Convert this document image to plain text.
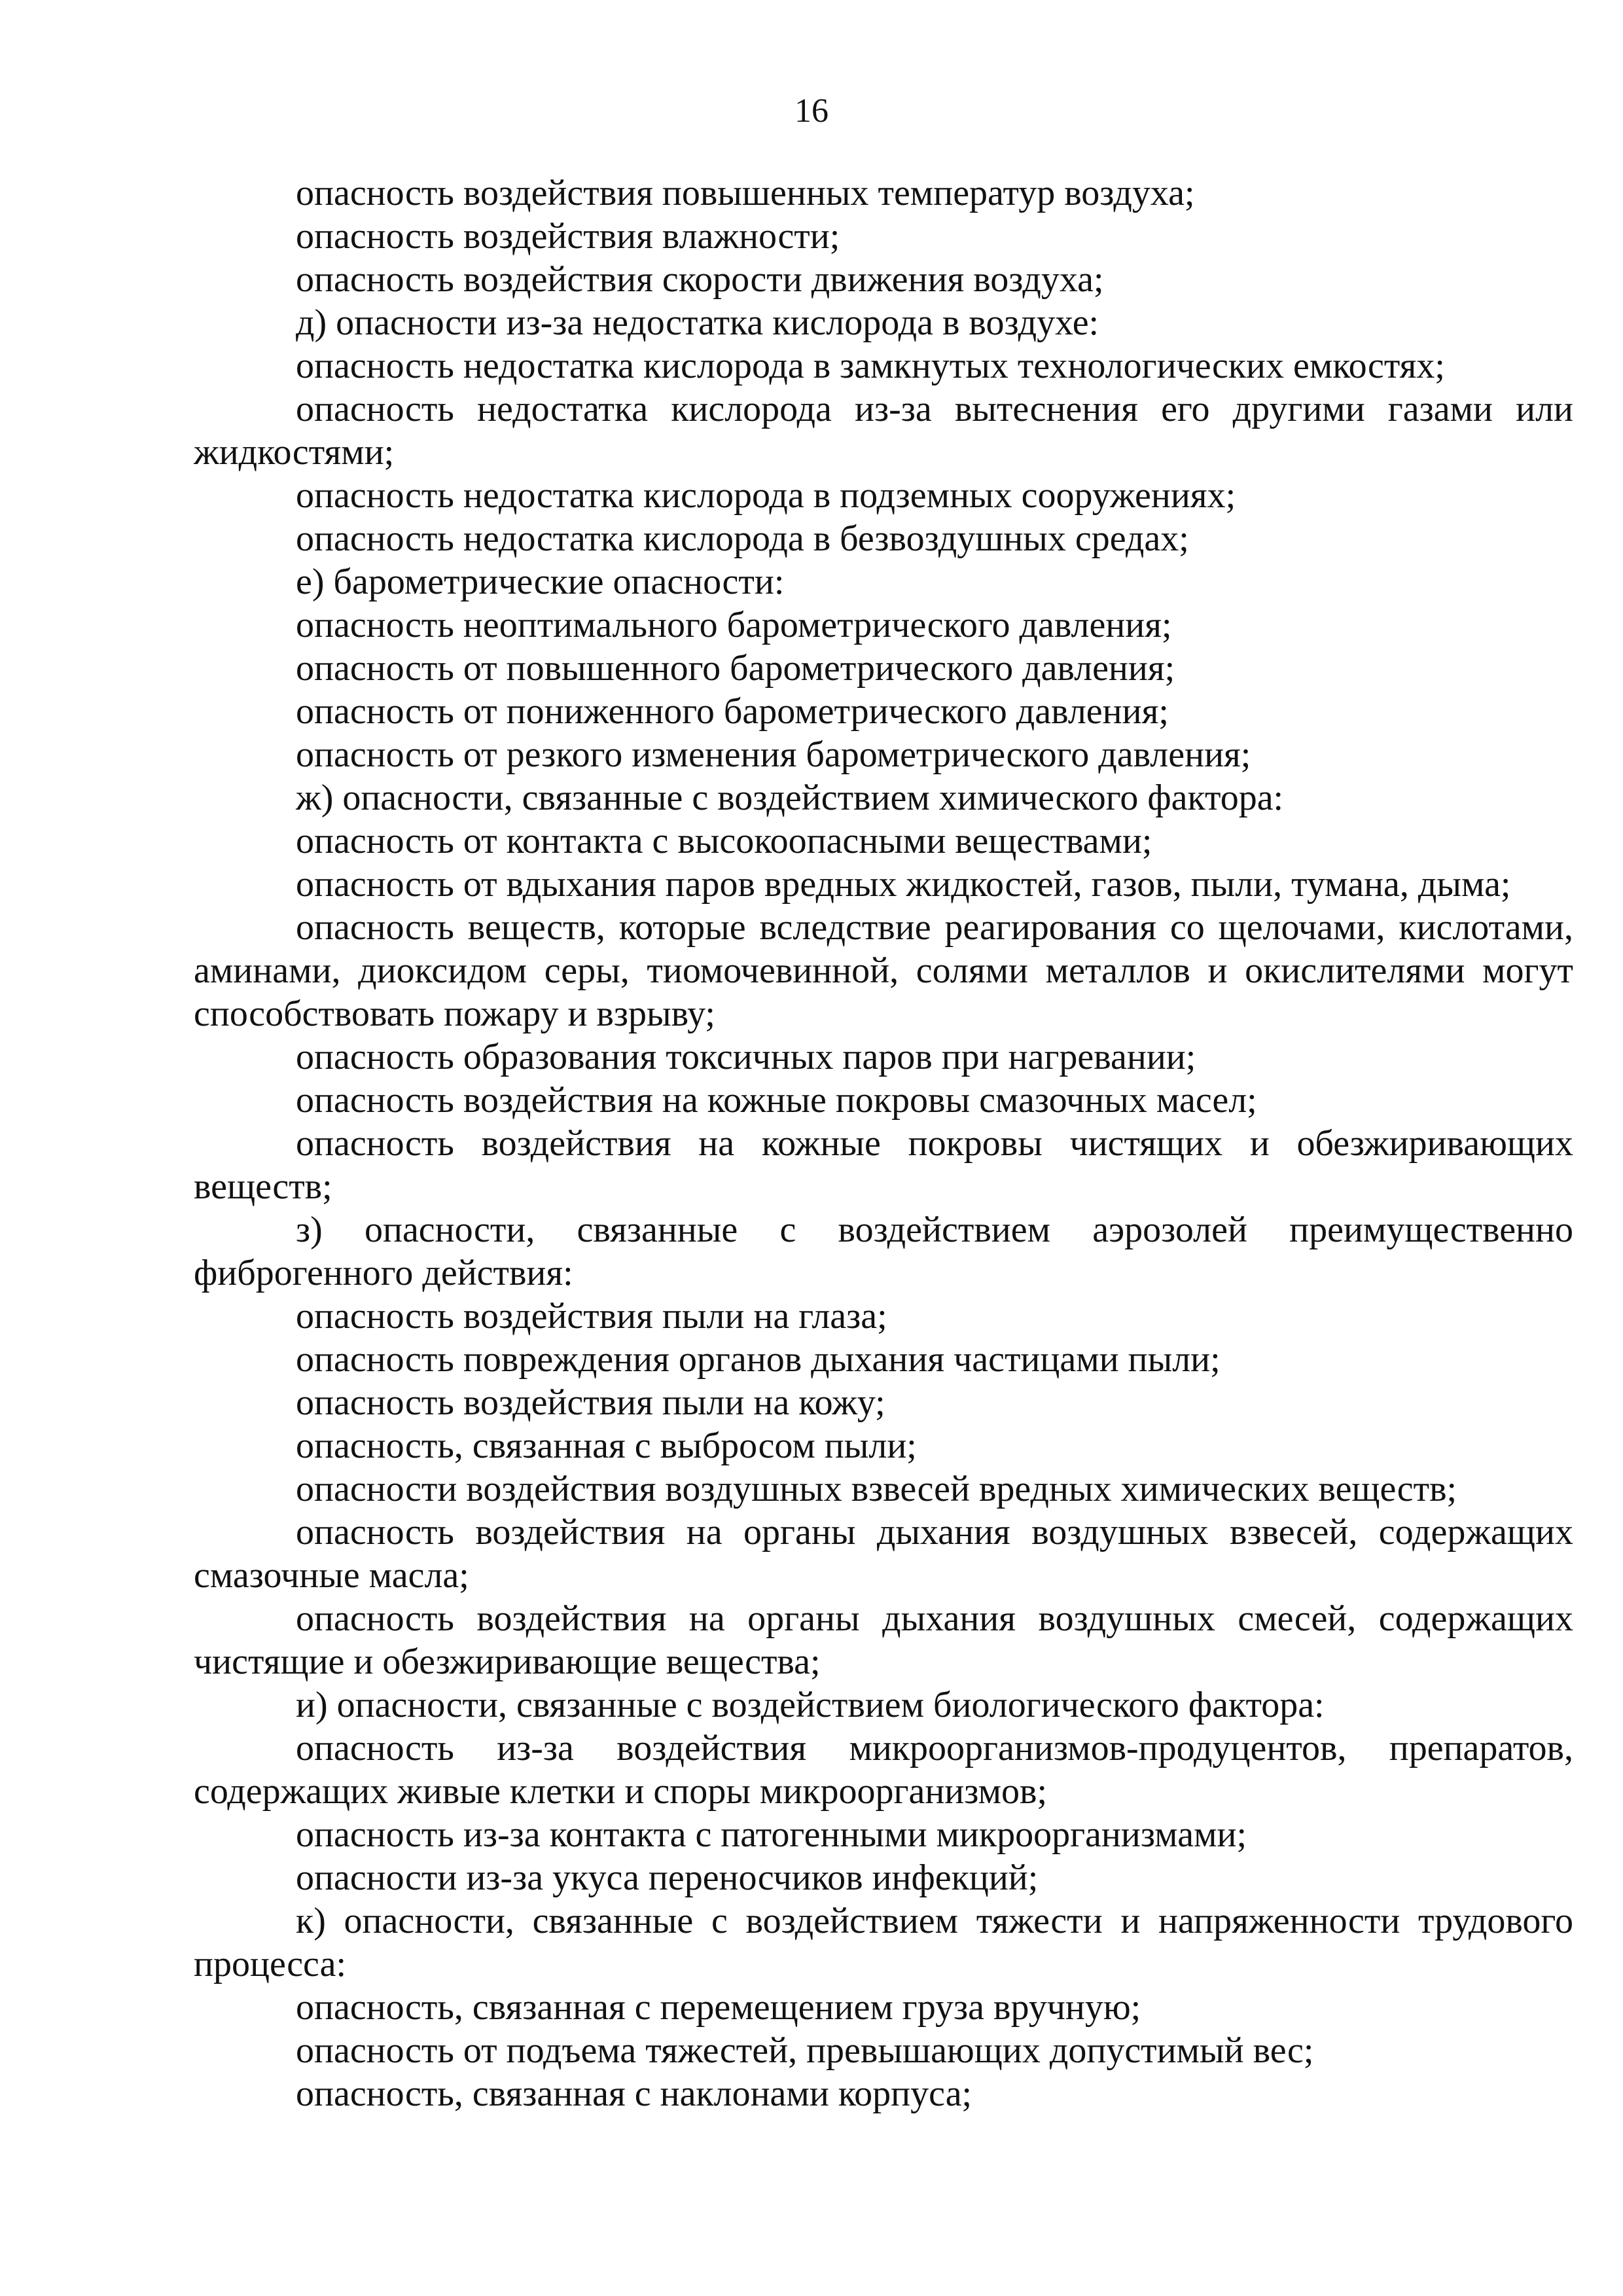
16

опасность воздействия повышенных температур воздуха;

опасность воздействия влажности;

опасность воздействия скорости движения воздуха;

д) опасности из-за недостатка кислорода в воздухе:

опасность недостатка кислорода в замкнутых технологических емкостях;

опасность недостатка кислорода из-за вытеснения его другими газами или жидкостями;

опасность недостатка кислорода в подземных сооружениях;

опасность недостатка кислорода в безвоздушных средах;

е) барометрические опасности:

опасность неоптимального барометрического давления;

опасность от повышенного барометрического давления;

опасность от пониженного барометрического давления;

опасность от резкого изменения барометрического давления;

ж) опасности, связанные с воздействием химического фактора:

опасность от контакта с высокоопасными веществами;

опасность от вдыхания паров вредных жидкостей, газов, пыли, тумана, дыма;

опасность веществ, которые вследствие реагирования со щелочами, кислотами, аминами, диоксидом серы, тиомочевинной, солями металлов и окислителями могут способствовать пожару и взрыву;

опасность образования токсичных паров при нагревании;

опасность воздействия на кожные покровы смазочных масел;

опасность воздействия на кожные покровы чистящих и обезжиривающих веществ;

з) опасности, связанные с воздействием аэрозолей преимущественно фиброгенного действия:

опасность воздействия пыли на глаза;

опасность повреждения органов дыхания частицами пыли;

опасность воздействия пыли на кожу;

опасность, связанная с выбросом пыли;

опасности воздействия воздушных взвесей вредных химических веществ;

опасность воздействия на органы дыхания воздушных взвесей, содержащих смазочные масла;

опасность воздействия на органы дыхания воздушных смесей, содержащих чистящие и обезжиривающие вещества;

и) опасности, связанные с воздействием биологического фактора:

опасность из-за воздействия микроорганизмов-продуцентов, препаратов, содержащих живые клетки и споры микроорганизмов;

опасность из-за контакта с патогенными микроорганизмами;

опасности из-за укуса переносчиков инфекций;

к) опасности, связанные с воздействием тяжести и напряженности трудового процесса:

опасность, связанная с перемещением груза вручную;

опасность от подъема тяжестей, превышающих допустимый вес;

опасность, связанная с наклонами корпуса;
